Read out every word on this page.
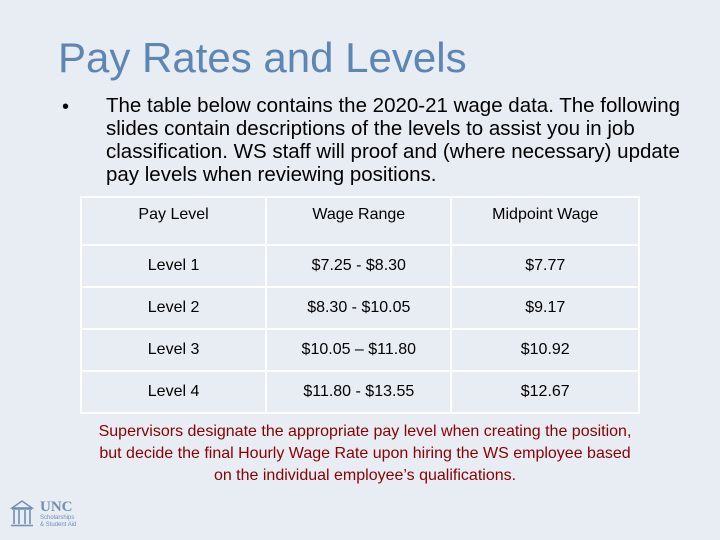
Pay Rates and Levels
• The table below contains the 2020-21 wage data. The following slides contain descriptions of the levels to assist you in job classification. WS staff will proof and (where necessary) update pay levels when reviewing positions.
Pay Level	Wage Range	Midpoint Wage
Level 1	$7.25 - $8.30	$7.77
Level 2	$8.30 - $10.05	$9.17
Level 3	$10.05 – $11.80	$10.92
Level 4	$11.80 - $13.55	$12.67
Supervisors designate the appropriate pay level when creating the position, but decide the final Hourly Wage Rate upon hiring the WS employee based on the individual employee’s qualifications.
UNC
Scholarships
& Student Aid
